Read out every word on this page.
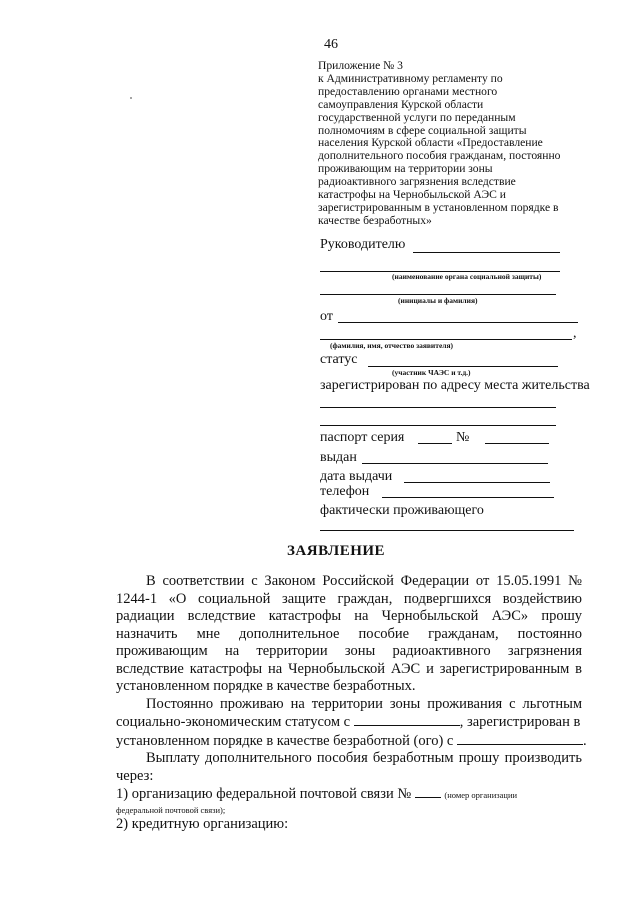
46
Приложение № 3
к Административному регламенту по
предоставлению органами местного
самоуправления Курской области
государственной услуги по переданным
полномочиям в сфере социальной защиты
населения Курской области «Предоставление
дополнительного пособия гражданам, постоянно
проживающим на территории зоны
радиоактивного загрязнения вследствие
катастрофы на Чернобыльской АЭС и
зарегистрированным в установленном порядке в
качестве безработных»
Руководителю
(наименование органа социальной защиты)
(инициалы и фамилия)
от
,
(фамилия, имя, отчество заявителя)
статус
(участник ЧАЭС и т.д.)
зарегистрирован по адресу места жительства
паспорт серия	№
выдан
дата выдачи
телефон
фактически проживающего
ЗАЯВЛЕНИЕ
В соответствии с Законом Российской Федерации от 15.05.1991 №
1244-1 «О социальной защите граждан, подвергшихся воздействию
радиации вследствие катастрофы на Чернобыльской АЭС» прошу
назначить мне дополнительное пособие гражданам, постоянно
проживающим на территории зоны радиоактивного загрязнения
вследствие катастрофы на Чернобыльской АЭС и зарегистрированным в
установленном порядке в качестве безработных.
Постоянно проживаю на территории зоны проживания с льготным
социально-экономическим статусом с	, зарегистрирован в
установленном порядке в качестве безработной (ого) с	.
Выплату дополнительного пособия безработным прошу производить
через:
1) организацию федеральной почтовой связи №	(номер организации
федеральной почтовой связи);
2) кредитную организацию:
